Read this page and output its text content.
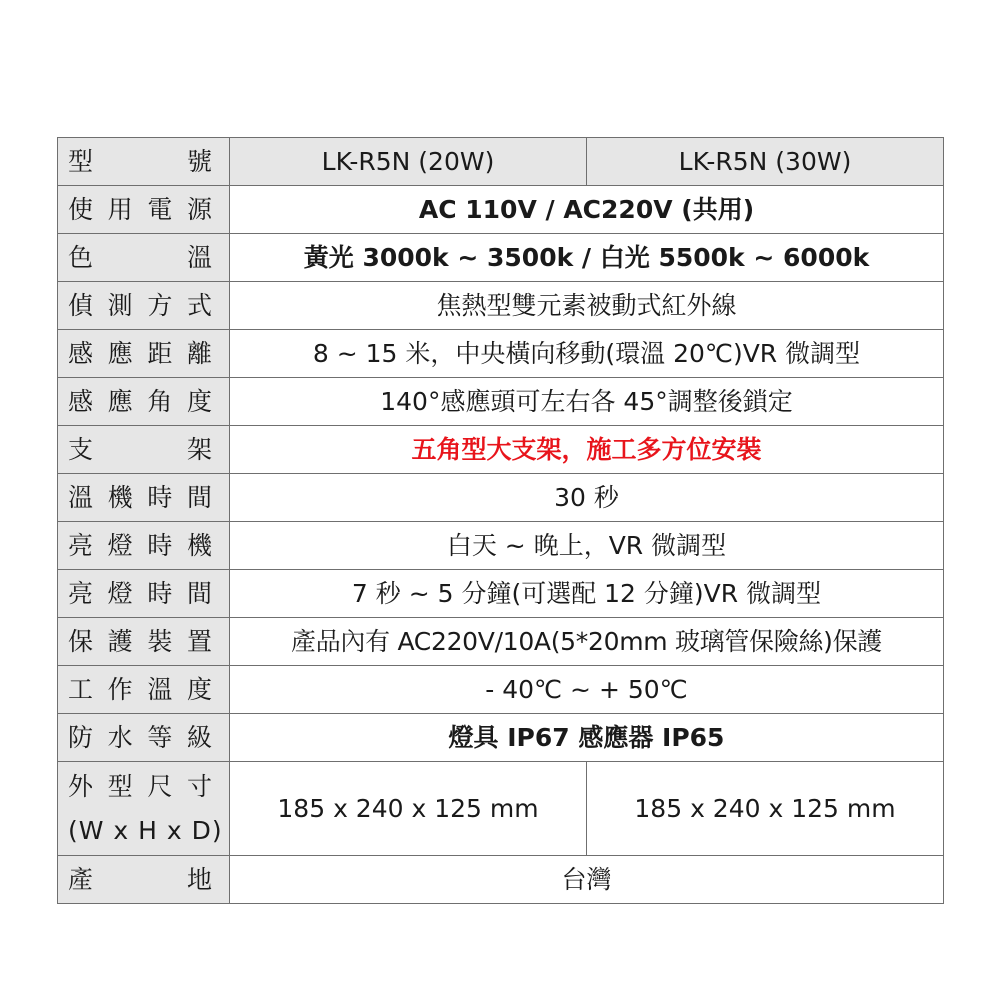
型 號	LK-R5N (20W)	LK-R5N (30W)
使 用 電 源	AC 110V / AC220V (共用)	
色 溫	黃光 3000k ~ 3500k / 白光 5500k ~ 6000k	
偵 測 方 式	焦熱型雙元素被動式紅外線	
感 應 距 離	8 ~ 15 米，中央橫向移動(環溫 20℃)VR 微調型	
感 應 角 度	140°感應頭可左右各 45°調整後鎖定	
支 架	五角型大支架，施工多方位安裝	
溫 機 時 間	30 秒	
亮 燈 時 機	白天 ~ 晚上，VR 微調型	
亮 燈 時 間	7 秒 ~ 5 分鐘(可選配 12 分鐘)VR 微調型	
保 護 裝 置	產品內有 AC220V/10A(5*20mm 玻璃管保險絲)保護	
工 作 溫 度	- 40℃ ~ + 50℃	
防 水 等 級	燈具 IP67 感應器 IP65	

外 型 尺 寸
(W x H x D)	185 x 240 x 125 mm	185 x 240 x 125 mm
產 地	台灣	
